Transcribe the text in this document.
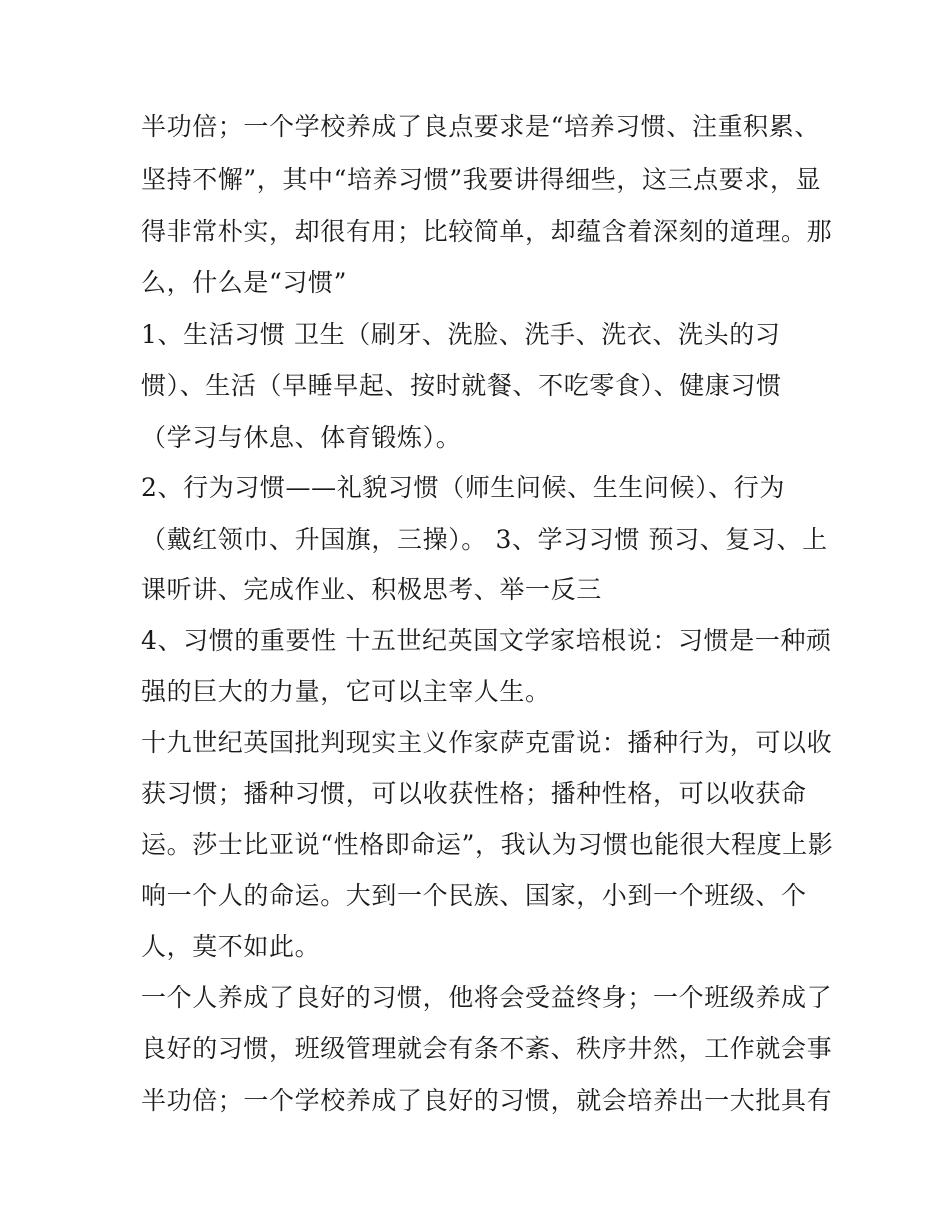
半功倍；一个学校养成了良点要求是“培养习惯、注重积累、

坚持不懈”，其中“培养习惯”我要讲得细些，这三点要求，显

得非常朴实，却很有用；比较简单，却蕴含着深刻的道理。那

么，什么是“习惯”

1、生活习惯 卫生（刷牙、洗脸、洗手、洗衣、洗头的习

惯）、生活（早睡早起、按时就餐、不吃零食）、健康习惯

（学习与休息、体育锻炼）。

2、行为习惯——礼貌习惯（师生问候、生生问候）、行为

（戴红领巾、升国旗，三操）。 3、学习习惯 预习、复习、上

课听讲、完成作业、积极思考、举一反三

4、习惯的重要性 十五世纪英国文学家培根说：习惯是一种顽

强的巨大的力量，它可以主宰人生。

十九世纪英国批判现实主义作家萨克雷说：播种行为，可以收

获习惯；播种习惯，可以收获性格；播种性格，可以收获命

运。莎士比亚说“性格即命运”，我认为习惯也能很大程度上影

响一个人的命运。大到一个民族、国家，小到一个班级、个

人，莫不如此。

一个人养成了良好的习惯，他将会受益终身；一个班级养成了

良好的习惯，班级管理就会有条不紊、秩序井然，工作就会事

半功倍；一个学校养成了良好的习惯，就会培养出一大批具有
